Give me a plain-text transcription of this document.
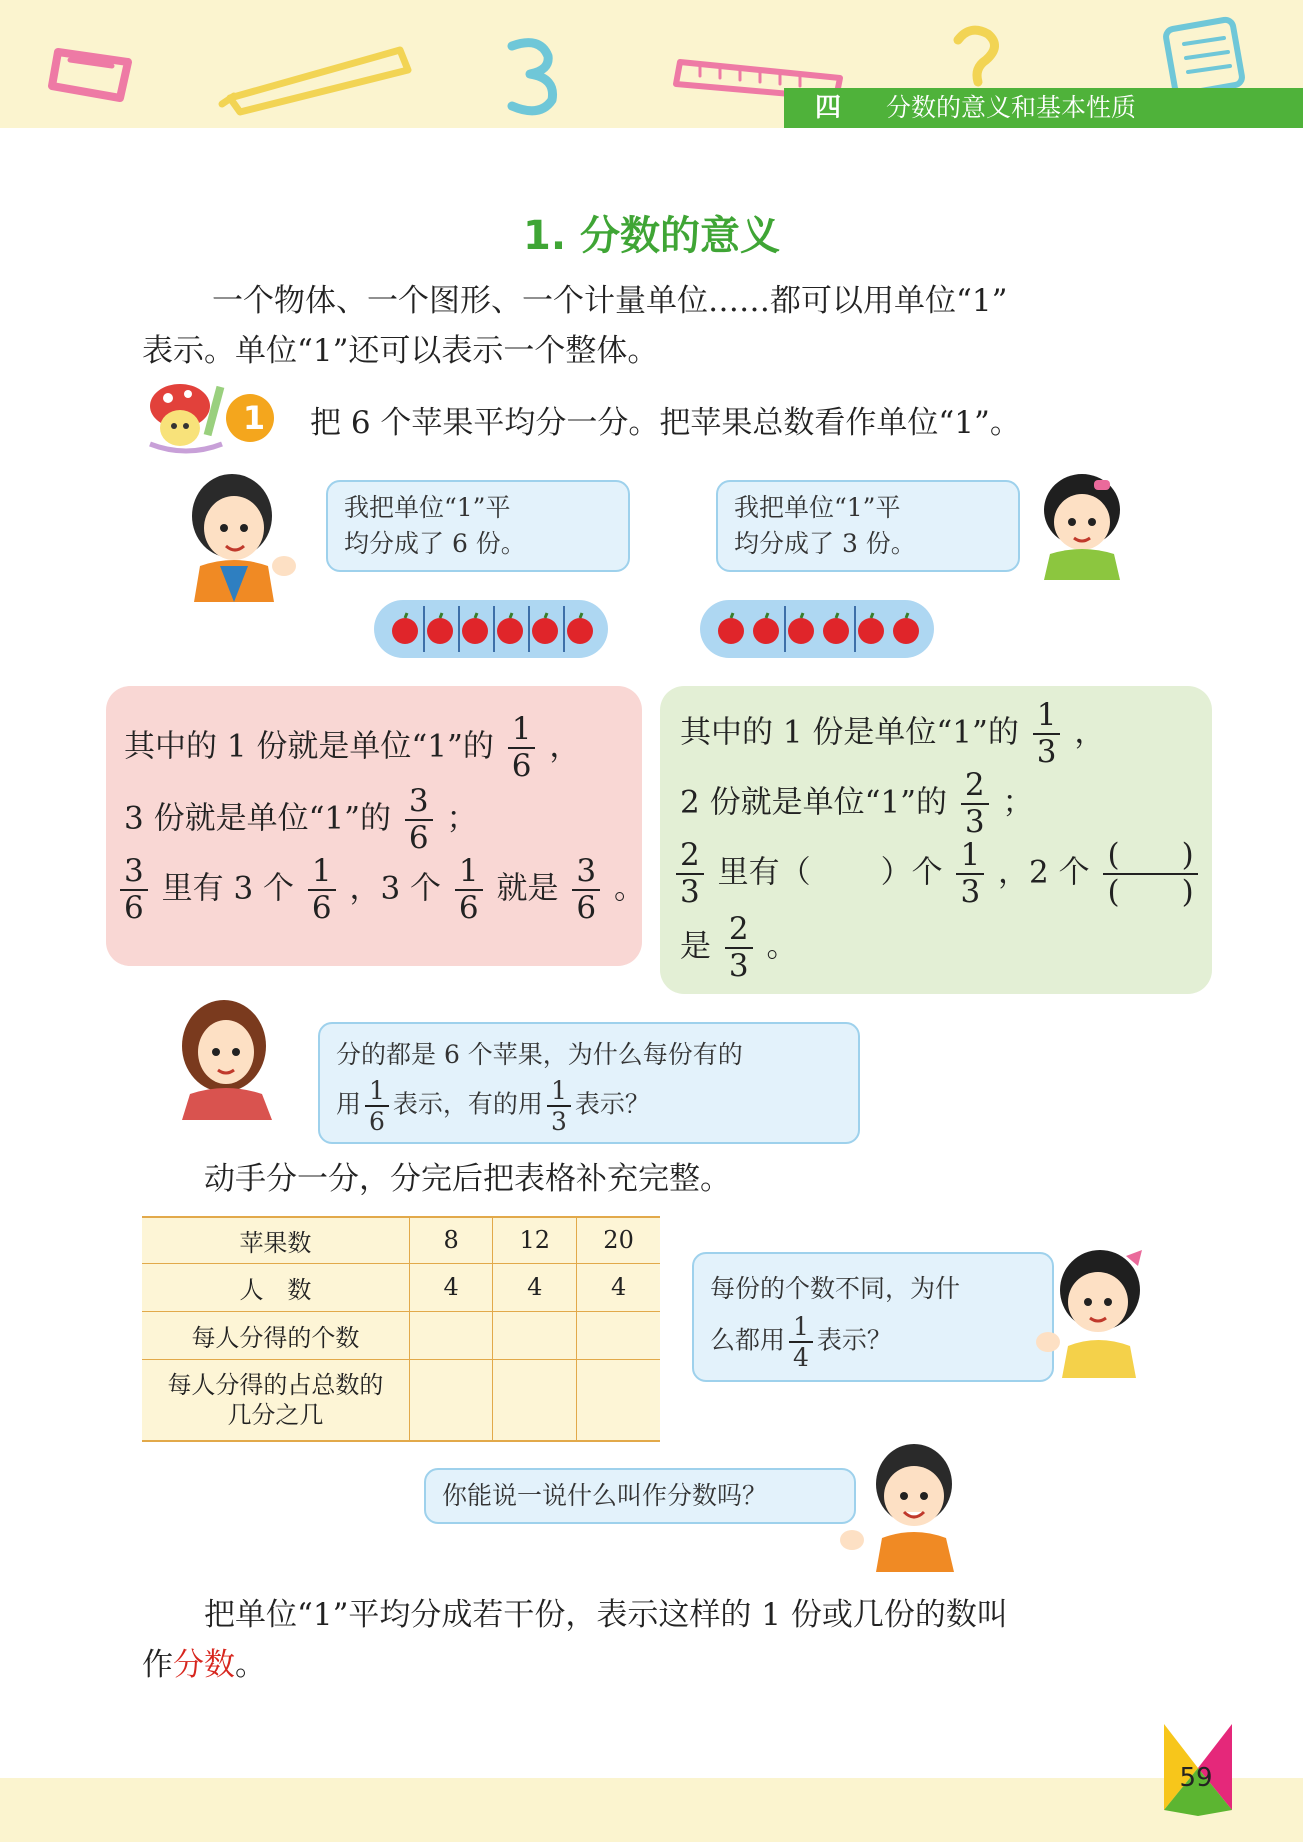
四	分数的意义和基本性质
1. 分数的意义
一个物体、一个图形、一个计量单位……都可以用单位“1”
表示。单位“1”还可以表示一个整体。
1	把 6 个苹果平均分一分。把苹果总数看作单位“1”。
我把单位“1”平
均分成了 6 份。
我把单位“1”平
均分成了 3 份。
其中的 1 份就是单位“1”的 $\frac{1}{6}$ ，
3 份就是单位“1”的 $\frac{3}{6}$ ；
$\frac{3}{6}$ 里有 3 个 $\frac{1}{6}$ ，3 个 $\frac{1}{6}$ 就是 $\frac{3}{6}$ 。
其中的 1 份是单位“1”的 $\frac{1}{3}$ ，
2 份就是单位“1”的 $\frac{2}{3}$ ；
$\frac{2}{3}$ 里有（ ）个 $\frac{1}{3}$ ，2 个 $\frac{( )}{( )}$
是 $\frac{2}{3}$ 。
分的都是 6 个苹果，为什么每份有的
用 $\frac{1}{6}$ 表示，有的用 $\frac{1}{3}$ 表示？
动手分一分，分完后把表格补充完整。
苹果数	8	12	20
人　数	4	4	4
每人分得的个数			

每人分得的占总数的
几分之几			

每份的个数不同，为什
么都用 $\frac{1}{4}$ 表示？
你能说一说什么叫作分数吗？
把单位“1”平均分成若干份，表示这样的 1 份或几份的数叫
作分数。
59
